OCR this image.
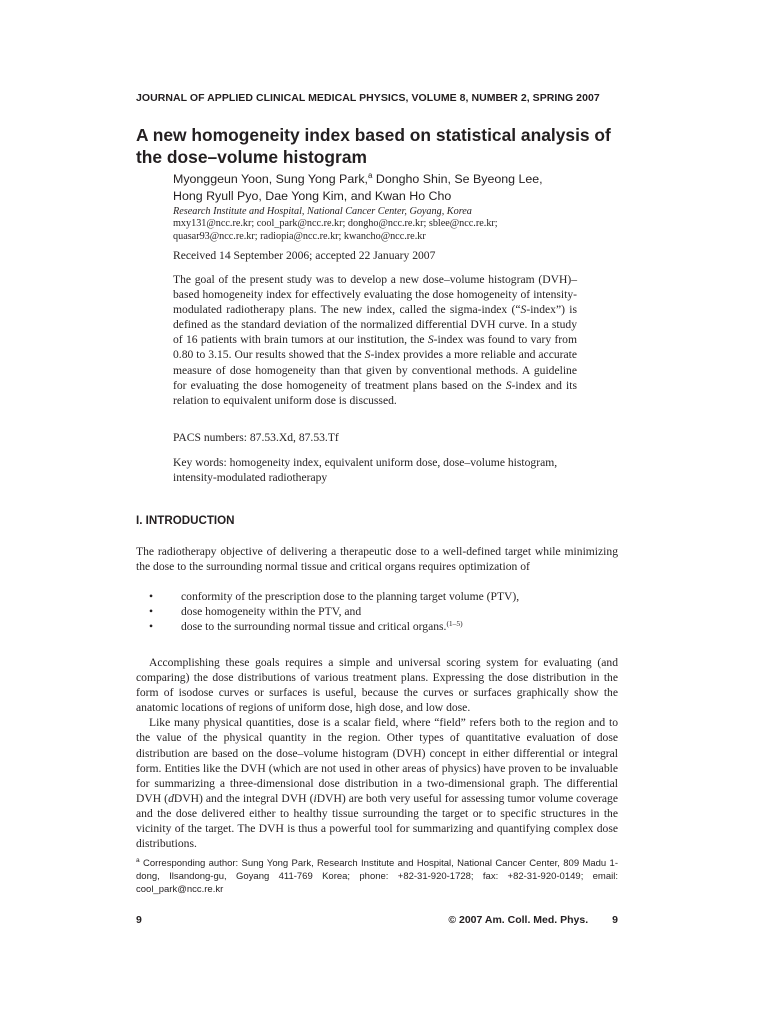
JOURNAL OF APPLIED CLINICAL MEDICAL PHYSICS, VOLUME 8, NUMBER 2, SPRING 2007
A new homogeneity index based on statistical analysis of
the dose–volume histogram
Myonggeun Yoon, Sung Yong Park,$^a$ Dongho Shin, Se Byeong Lee,
Hong Ryull Pyo, Dae Yong Kim, and Kwan Ho Cho
Research Institute and Hospital, National Cancer Center, Goyang, Korea
mxy131@ncc.re.kr; cool_park@ncc.re.kr; dongho@ncc.re.kr; sblee@ncc.re.kr;
quasar93@ncc.re.kr; radiopia@ncc.re.kr; kwancho@ncc.re.kr
Received 14 September 2006; accepted 22 January 2007
The goal of the present study was to develop a new dose–volume histogram (DVH)–based homogeneity index for effectively evaluating the dose homogeneity of intensity-modulated radiotherapy plans. The new index, called the sigma-index (“S-index”) is defined as the standard deviation of the normalized differential DVH curve. In a study of 16 patients with brain tumors at our institution, the S-index was found to vary from 0.80 to 3.15. Our results showed that the S-index provides a more reliable and accurate measure of dose homogeneity than that given by conventional methods. A guideline for evaluating the dose homogeneity of treatment plans based on the S-index and its relation to equivalent uniform dose is discussed.
PACS numbers: 87.53.Xd, 87.53.Tf
Key words: homogeneity index, equivalent uniform dose, dose–volume histogram, intensity-modulated radiotherapy
I. INTRODUCTION
The radiotherapy objective of delivering a therapeutic dose to a well-defined target while minimizing the dose to the surrounding normal tissue and critical organs requires optimization of
• conformity of the prescription dose to the planning target volume (PTV),
• dose homogeneity within the PTV, and
• dose to the surrounding normal tissue and critical organs.$^{(1-5)}$

Accomplishing these goals requires a simple and universal scoring system for evaluating (and comparing) the dose distributions of various treatment plans. Expressing the dose distribution in the form of isodose curves or surfaces is useful, because the curves or surfaces graphically show the anatomic locations of regions of uniform dose, high dose, and low dose.

Like many physical quantities, dose is a scalar field, where “field” refers both to the region and to the value of the physical quantity in the region. Other types of quantitative evaluation of dose distribution are based on the dose–volume histogram (DVH) concept in either differential or integral form. Entities like the DVH (which are not used in other areas of physics) have proven to be invaluable for summarizing a three-dimensional dose distribution in a two-dimensional graph. The differential DVH (dDVH) and the integral DVH (iDVH) are both very useful for assessing tumor volume coverage and the dose delivered either to healthy tissue surrounding the target or to specific structures in the vicinity of the target. The DVH is thus a powerful tool for summarizing and quantifying complex dose distributions.

$^a$ Corresponding author: Sung Yong Park, Research Institute and Hospital, National Cancer Center, 809 Madu 1-dong, Ilsandong-gu, Goyang 411-769 Korea; phone: +82-31-920-1728; fax: +82-31-920-0149; email: cool_park@ncc.re.kr
9	© 2007 Am. Coll. Med. Phys. 9
